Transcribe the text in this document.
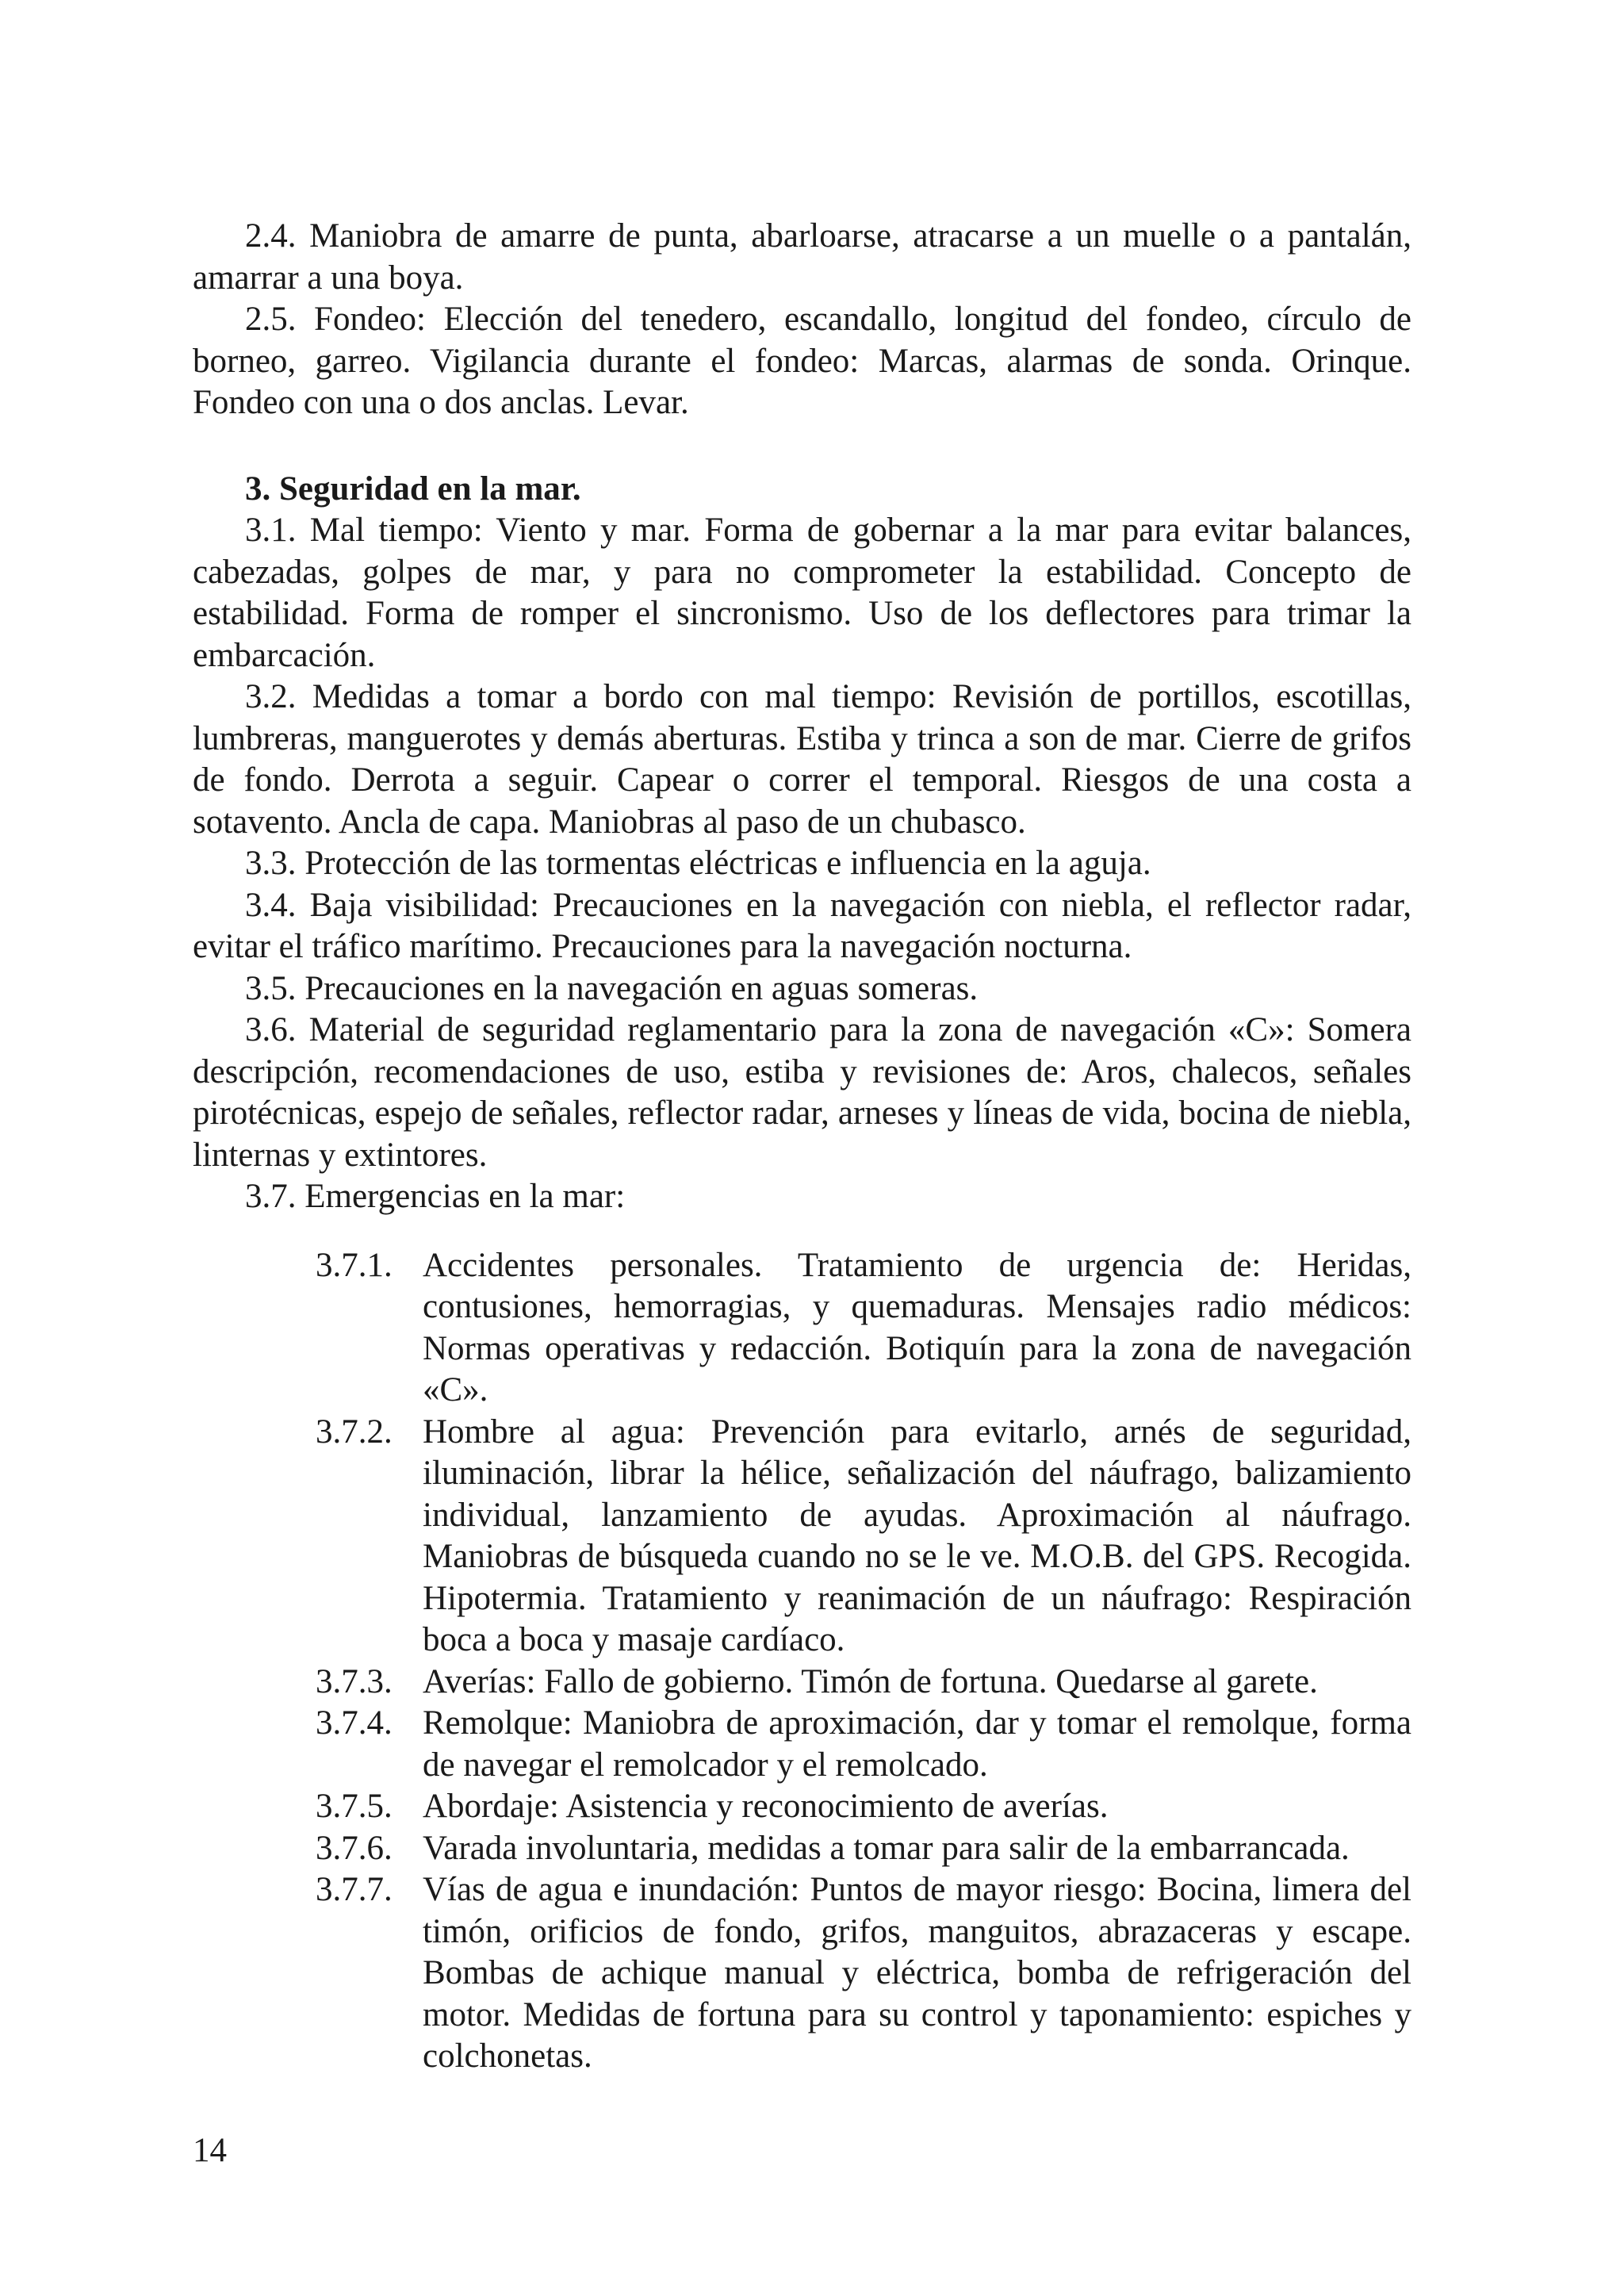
2.4. Maniobra de amarre de punta, abarloarse, atracarse a un muelle o a pantalán, amarrar a una boya.

2.5. Fondeo: Elección del tenedero, escandallo, longitud del fondeo, círculo de borneo, garreo. Vigilancia durante el fondeo: Marcas, alarmas de sonda. Orinque. Fondeo con una o dos anclas. Levar.

3. Seguridad en la mar.

3.1. Mal tiempo: Viento y mar. Forma de gobernar a la mar para evitar balances, cabezadas, golpes de mar, y para no comprometer la estabilidad. Concepto de estabilidad. Forma de romper el sincronismo. Uso de los deflectores para trimar la embarcación.

3.2. Medidas a tomar a bordo con mal tiempo: Revisión de portillos, escotillas, lumbreras, manguerotes y demás aberturas. Estiba y trinca a son de mar. Cierre de grifos de fondo. Derrota a seguir. Capear o correr el temporal. Riesgos de una costa a sotavento. Ancla de capa. Maniobras al paso de un chubasco.

3.3. Protección de las tormentas eléctricas e influencia en la aguja.

3.4. Baja visibilidad: Precauciones en la navegación con niebla, el reflector radar, evitar el tráfico marítimo. Precauciones para la navegación nocturna.

3.5. Precauciones en la navegación en aguas someras.

3.6. Material de seguridad reglamentario para la zona de navegación «C»: Somera descripción, recomendaciones de uso, estiba y revisiones de: Aros, chalecos, señales pirotécnicas, espejo de señales, reflector radar, arneses y líneas de vida, bocina de niebla, linternas y extintores.

3.7. Emergencias en la mar:

3.7.1. Accidentes personales. Tratamiento de urgencia de: Heridas, contusiones, hemorragias, y quemaduras. Mensajes radio médicos: Normas operativas y redacción. Botiquín para la zona de navegación «C».
3.7.2. Hombre al agua: Prevención para evitarlo, arnés de seguridad, iluminación, librar la hélice, señalización del náufrago, balizamiento individual, lanzamiento de ayudas. Aproximación al náufrago. Maniobras de búsqueda cuando no se le ve. M.O.B. del GPS. Recogida. Hipotermia. Tratamiento y reanimación de un náufrago: Respiración boca a boca y masaje cardíaco.
3.7.3. Averías: Fallo de gobierno. Timón de fortuna. Quedarse al garete.
3.7.4. Remolque: Maniobra de aproximación, dar y tomar el remolque, forma de navegar el remolcador y el remolcado.
3.7.5. Abordaje: Asistencia y reconocimiento de averías.
3.7.6. Varada involuntaria, medidas a tomar para salir de la embarrancada.
3.7.7. Vías de agua e inundación: Puntos de mayor riesgo: Bocina, limera del timón, orificios de fondo, grifos, manguitos, abrazaceras y escape. Bombas de achique manual y eléctrica, bomba de refrigeración del motor. Medidas de fortuna para su control y taponamiento: espiches y colchonetas.

14
